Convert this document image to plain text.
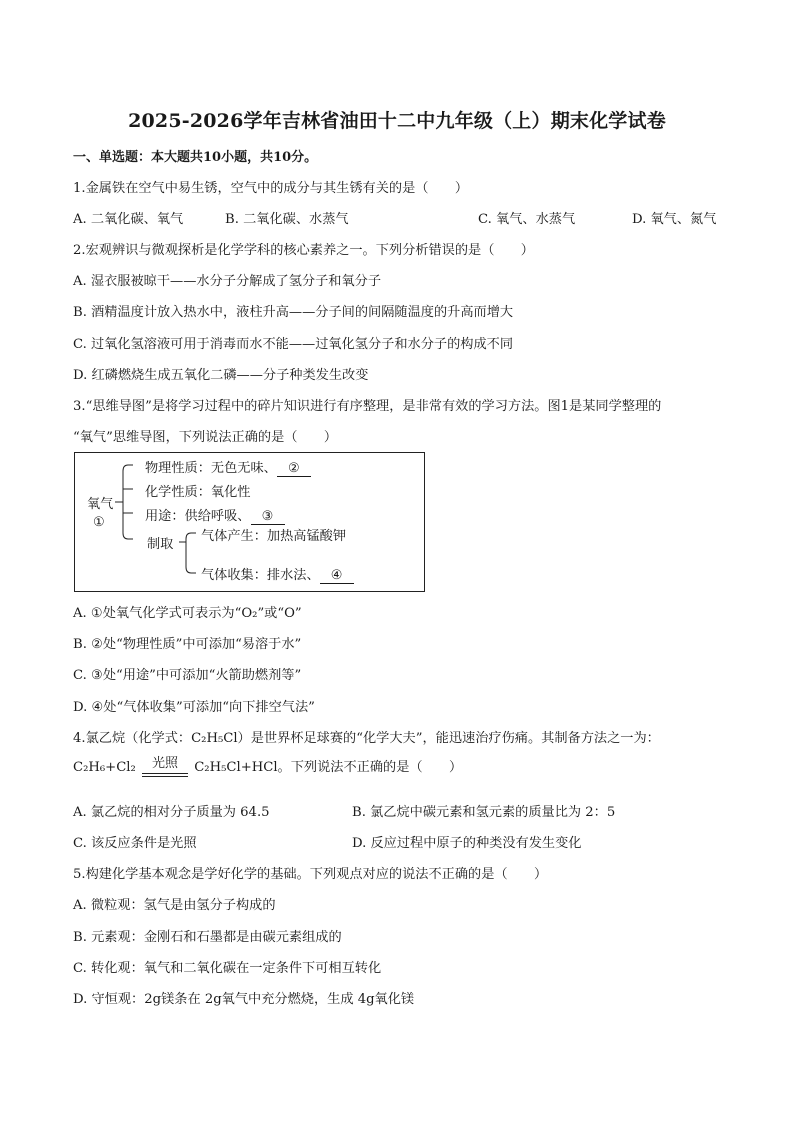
2025-2026学年吉林省油田十二中九年级（上）期末化学试卷
一、单选题：本大题共10小题，共10分。
1.金属铁在空气中易生锈，空气中的成分与其生锈有关的是（　　）
A. 二氧化碳、氧气	B. 二氧化碳、水蒸气	C. 氧气、水蒸气	D. 氧气、氮气
2.宏观辨识与微观探析是化学学科的核心素养之一。下列分析错误的是（　　）
A. 湿衣服被晾干——水分子分解成了氢分子和氧分子
B. 酒精温度计放入热水中，液柱升高——分子间的间隔随温度的升高而增大
C. 过氧化氢溶液可用于消毒而水不能——过氧化氢分子和水分子的构成不同
D. 红磷燃烧生成五氧化二磷——分子种类发生改变
3.“思维导图”是将学习过程中的碎片知识进行有序整理，是非常有效的学习方法。图1是某同学整理的
“氧气”思维导图，下列说法正确的是（　　）
氧气
①
物理性质：无色无味、 ②
化学性质：氧化性
用途：供给呼吸、 ③
制取
气体产生：加热高锰酸钾
气体收集：排水法、 ④
A. ①处氧气化学式可表示为“O₂”或“O”
B. ②处“物理性质”中可添加“易溶于水”
C. ③处“用途”中可添加“火箭助燃剂等”
D. ④处“气体收集”可添加“向下排空气法”
4.氯乙烷（化学式：C₂H₅Cl）是世界杯足球赛的“化学大夫”，能迅速治疗伤痛。其制备方法之一为：
C₂H₆+Cl₂	光照	C₂H₅Cl+HCl。下列说法不正确的是（　　）
A. 氯乙烷的相对分子质量为 64.5	B. 氯乙烷中碳元素和氢元素的质量比为 2：5
C. 该反应条件是光照	D. 反应过程中原子的种类没有发生变化
5.构建化学基本观念是学好化学的基础。下列观点对应的说法不正确的是（　　）
A. 微粒观：氢气是由氢分子构成的
B. 元素观：金刚石和石墨都是由碳元素组成的
C. 转化观：氧气和二氧化碳在一定条件下可相互转化
D. 守恒观：2g镁条在 2g氧气中充分燃烧，生成 4g氧化镁
